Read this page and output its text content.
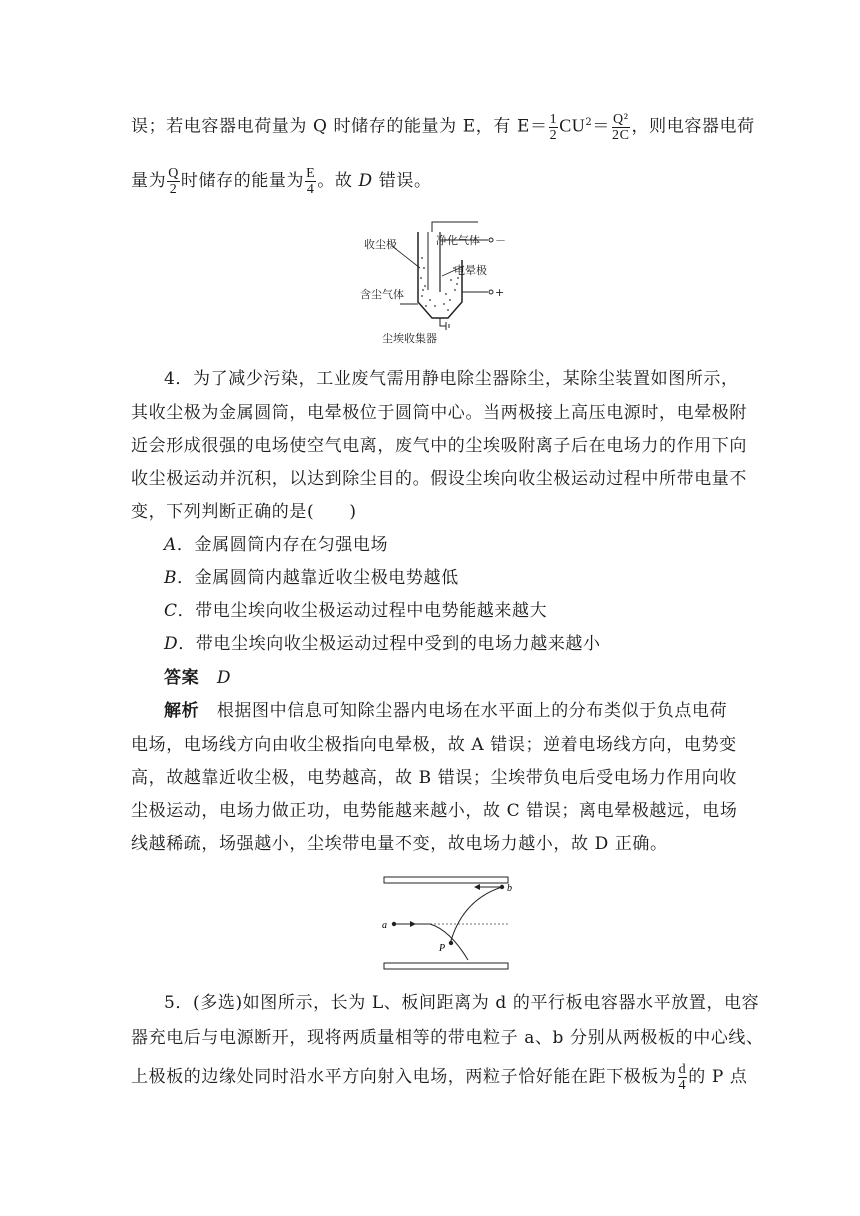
误；若电容器电荷量为 Q 时储存的能量为 E，有 $E= \frac{1}{2} CU^2= \frac{\text{Q²}}{2C}$ ，则电容器电荷
量为 $\frac{Q}{2}$ 时储存的能量为 $\frac{E}{4}$ 。故 D 错误。
收尘极	净化气体
电晕极
含尘气体
尘埃收集器
－
+
4．为了减少污染，工业废气需用静电除尘器除尘，某除尘装置如图所示，
其收尘极为金属圆筒，电晕极位于圆筒中心。当两极接上高压电源时，电晕极附
近会形成很强的电场使空气电离，废气中的尘埃吸附离子后在电场力的作用下向
收尘极运动并沉积，以达到除尘目的。假设尘埃向收尘极运动过程中所带电量不
变，下列判断正确的是(　　)
A．金属圆筒内存在匀强电场
B．金属圆筒内越靠近收尘极电势越低
C．带电尘埃向收尘极运动过程中电势能越来越大
D．带电尘埃向收尘极运动过程中受到的电场力越来越小
答案　 D
解析　 根据图中信息可知除尘器内电场在水平面上的分布类似于负点电荷
电场，电场线方向由收尘极指向电晕极，故 A 错误；逆着电场线方向，电势变
高，故越靠近收尘极，电势越高，故 B 错误；尘埃带负电后受电场力作用向收
尘极运动，电场力做正功，电势能越来越小，故 C 错误；离电晕极越远，电场
线越稀疏，场强越小，尘埃带电量不变，故电场力越小，故 D 正确。
a
b
P
5．(多选)如图所示，长为 L、板间距离为 d 的平行板电容器水平放置，电容
器充电后与电源断开，现将两质量相等的带电粒子 a、b 分别从两极板的中心线、
上极板的边缘处同时沿水平方向射入电场，两粒子恰好能在距下极板为 $\frac{d}{4}$ 的 P 点
